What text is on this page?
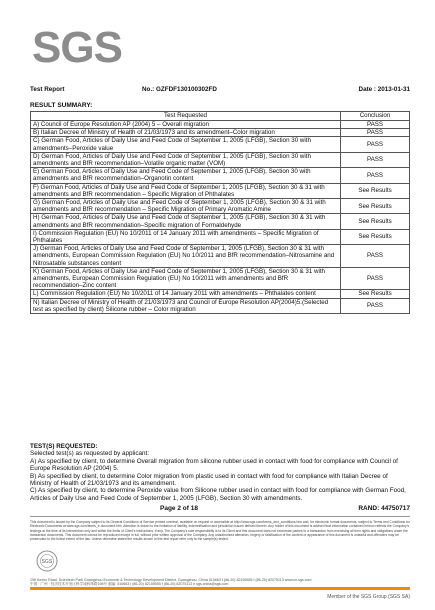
SGS
Test Report	No.: GZFDF130100302FD	Date : 2013-01-31
RESULT SUMMARY:
Test Requested	Conclusion
A) Council of Europe Resolution AP (2004) 5 – Overall migration	PASS
B) Italian Decree of Ministry of Health of 21/03/1973 and its amendment–Color migration	PASS
C) German Food, Articles of Daily Use and Feed Code of September 1, 2005 (LFGB), Section 30 with amendments–Peroxide value	PASS
D) German Food, Articles of Daily Use and Feed Code of September 1, 2005 (LFGB), Section 30 with amendments and BfR recommendation–Volatile organic matter (VOM)	PASS
E) German Food, Articles of Daily Use and Feed Code of September 1, 2005 (LFGB), Section 30 with amendments and BfR recommendation–Organotin content	PASS
F) German Food, Articles of Daily Use and Feed Code of September 1, 2005 (LFGB), Section 30 & 31 with amendments and BfR recommendation – Specific Migration of Phthalates	See Results
G) German Food, Articles of Daily Use and Feed Code of September 1, 2005 (LFGB), Section 30 & 31 with amendments and BfR recommendation – Specific Migration of Primary Aromatic Amine	See Results
H) German Food, Articles of Daily Use and Feed Code of September 1, 2005 (LFGB), Section 30 & 31 with amendments and BfR recommendation–Specific migration of Formaldehyde	See Results
I) Commission Regulation (EU) No 10/2011 of 14 January 2011 with amendments – Specific Migration of Phthalates	See Results
J) German Food, Articles of Daily Use and Feed Code of September 1, 2005 (LFGB), Section 30 & 31 with amendments, European Commission Regulation (EU) No 10/2011 and BfR recommendation–Nitrosamine and Nitrosatable substances content	PASS
K) German Food, Articles of Daily Use and Feed Code of September 1, 2005 (LFGB), Section 30 & 31 with amendments, European Commission Regulation (EU) No 10/2011 with amendments and BfR recommendation–Zinc content	PASS
L) Commission Regulation (EU) No 10/2011 of 14 January 2011 with amendments – Phthalates content	See Results
N) Italian Decree of Ministry of Health of 21/03/1973 and Council of Europe Resolution AP(2004)5.(Selected test as specified by client) Silicone rubber – Color migration	PASS
TEST(S) REQUESTED:
Selected test(s) as requested by applicant:
A) As specified by client, to determine Overall migration from silicone rubber used in contact with food for compliance with Council of Europe Resolution AP (2004) 5.
B) As specified by client, to determine Color migration from plastic used in contact with food for compliance with Italian Decree of Ministry of Health of 21/03/1973 and its amendment.
C) As specified by client, to determine Peroxide value from Silicone rubber used in contact with food for compliance with German Food, Articles of Daily Use and Feed Code of September 1, 2005 (LFGB), Section 30 with amendments.
Page 2 of 18	RAND: 44750717
This document is issued by the Company subject to its General Conditions of Service printed overleaf, available on request or accessible at http://www.sgs.com/terms_and_conditions.htm and, for electronic format documents, subject to Terms and Conditions for Electronic Documents at www.sgs.com/terms_e-document.htm. Attention is drawn to the limitation of liability, indemnification and jurisdiction issues defined therein. Any holder of this document is advised that information contained hereon reflects the Company's findings at the time of its intervention only and within the limits of Client's instructions, if any. The Company's sole responsibility is to its Client and this document does not exonerate parties to a transaction from exercising all their rights and obligations under the transaction documents. This document cannot be reproduced except in full, without prior written approval of the Company. Any unauthorized alteration, forgery or falsification of the content or appearance of this document is unlawful and offenders may be prosecuted to the fullest extent of the law. Unless otherwise stated the results shown in this test report refer only to the sample(s) tested.
SGS
198 Kezhu Road, Scientech Park Guangzhou Economic & Technology Development District, Guangzhou, China 510663 t (86-20) 82155555 f (86-20) 82075113 www.cn.sgs.com
中国 · 广州 · 经济技术开发区科学城科珠路198号 邮编: 510663 t (86-20) 82155555 f (86-20) 82075113 e sgs.china@sgs.com
Member of the SGS Group (SGS SA)
